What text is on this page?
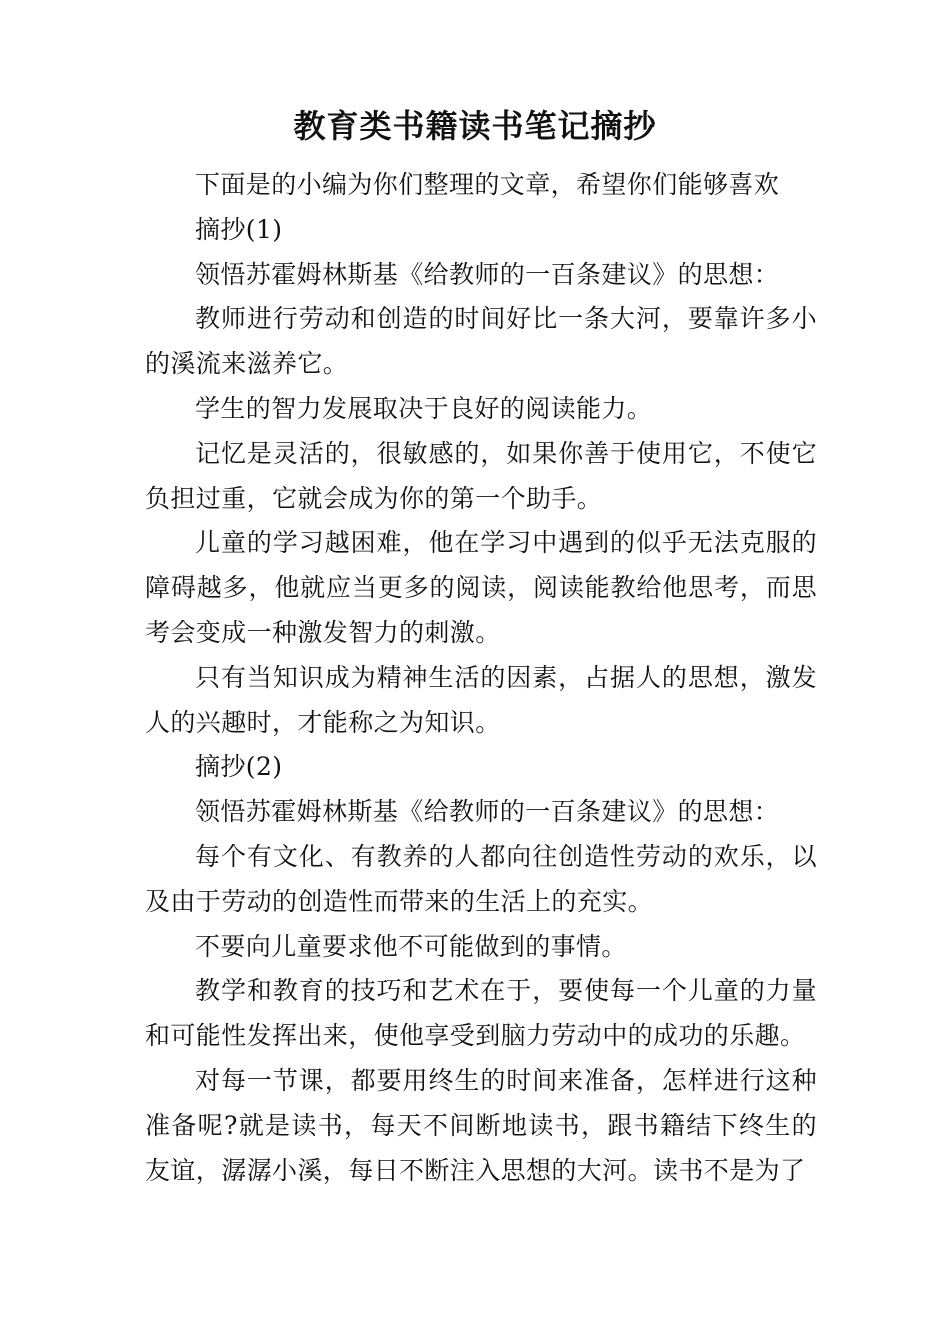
教育类书籍读书笔记摘抄

下面是的小编为你们整理的文章，希望你们能够喜欢

摘抄(1)

领悟苏霍姆林斯基《给教师的一百条建议》的思想：

教师进行劳动和创造的时间好比一条大河，要靠许多小的溪流来滋养它。

学生的智力发展取决于良好的阅读能力。

记忆是灵活的，很敏感的，如果你善于使用它，不使它负担过重，它就会成为你的第一个助手。

儿童的学习越困难，他在学习中遇到的似乎无法克服的障碍越多，他就应当更多的阅读，阅读能教给他思考，而思考会变成一种激发智力的刺激。

只有当知识成为精神生活的因素，占据人的思想，激发人的兴趣时，才能称之为知识。

摘抄(2)

领悟苏霍姆林斯基《给教师的一百条建议》的思想：

每个有文化、有教养的人都向往创造性劳动的欢乐，以及由于劳动的创造性而带来的生活上的充实。

不要向儿童要求他不可能做到的事情。

教学和教育的技巧和艺术在于，要使每一个儿童的力量和可能性发挥出来，使他享受到脑力劳动中的成功的乐趣。

对每一节课，都要用终生的时间来准备，怎样进行这种准备呢?就是读书，每天不间断地读书，跟书籍结下终生的友谊，潺潺小溪，每日不断注入思想的大河。读书不是为了
